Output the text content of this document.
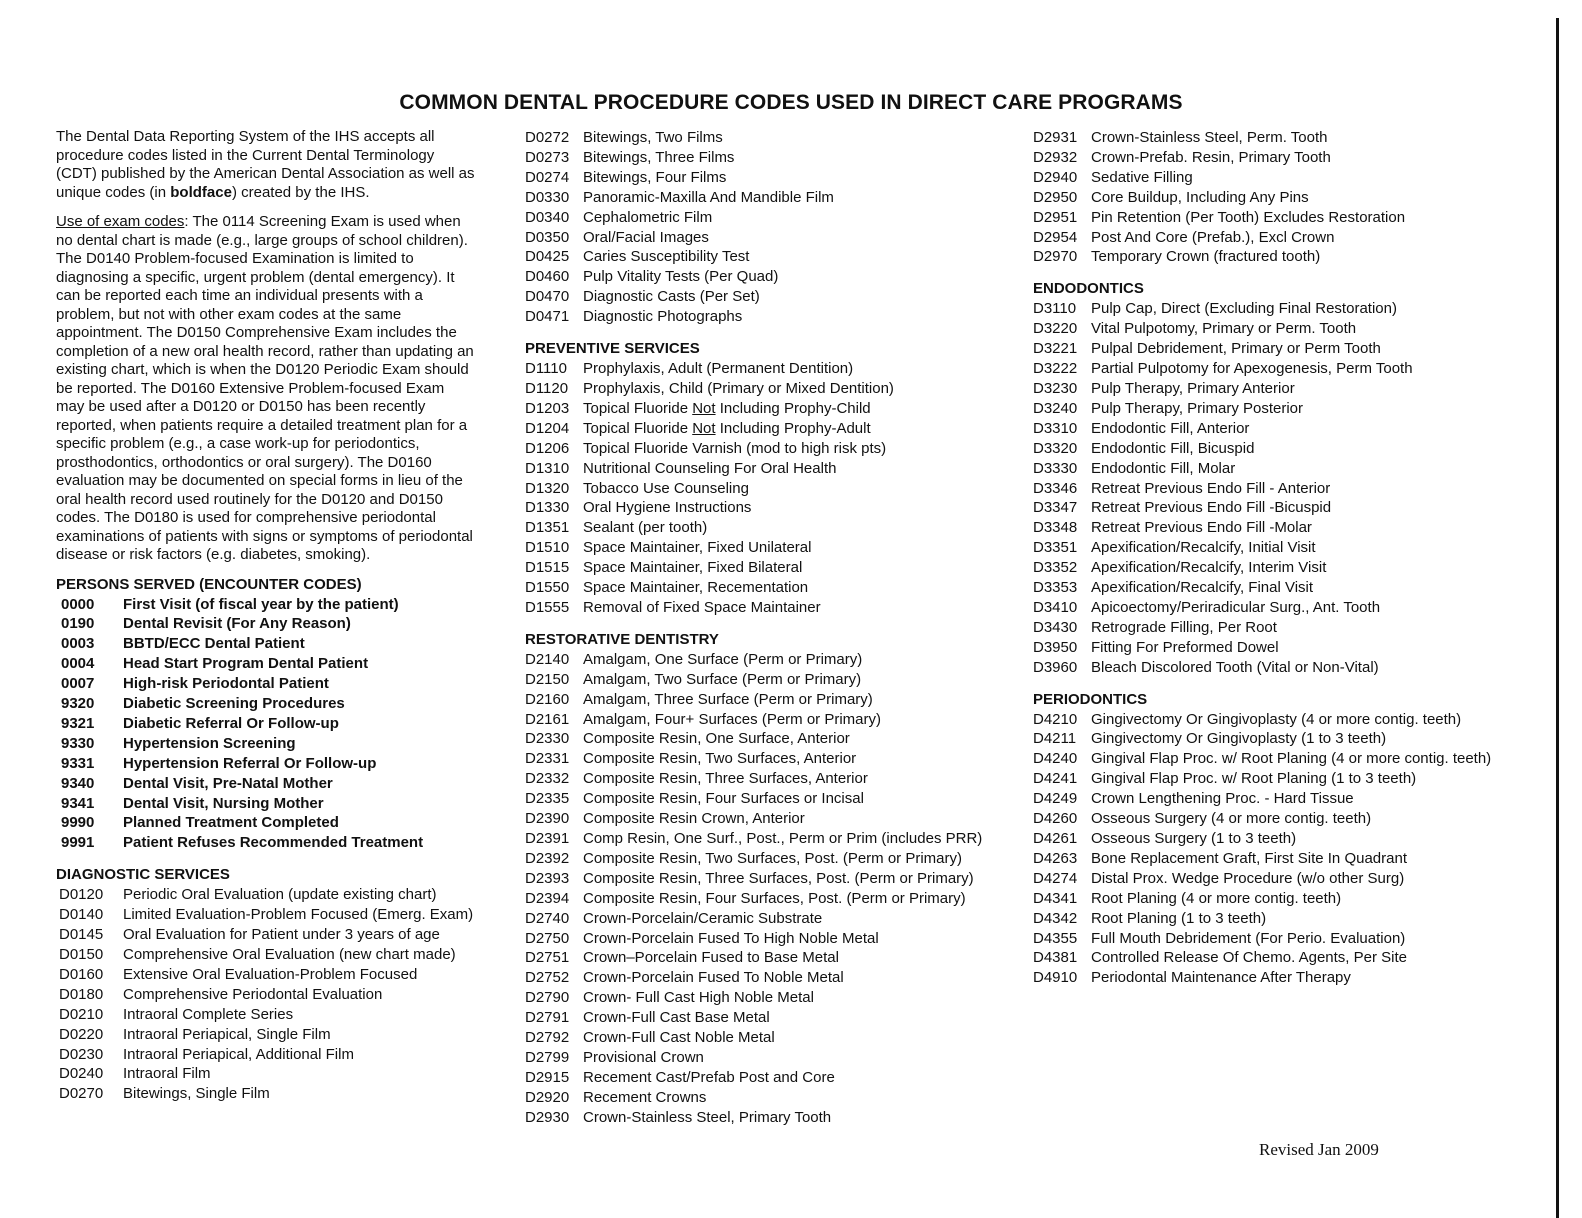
COMMON DENTAL PROCEDURE CODES USED IN DIRECT CARE PROGRAMS

The Dental Data Reporting System of the IHS accepts all procedure codes listed in the Current Dental Terminology (CDT) published by the American Dental Association as well as unique codes (in boldface) created by the IHS.

Use of exam codes: The 0114 Screening Exam is used when no dental chart is made (e.g., large groups of school children). The D0140 Problem-focused Examination is limited to diagnosing a specific, urgent problem (dental emergency). It can be reported each time an individual presents with a problem, but not with other exam codes at the same appointment. The D0150 Comprehensive Exam includes the completion of a new oral health record, rather than updating an existing chart, which is when the D0120 Periodic Exam should be reported. The D0160 Extensive Problem-focused Exam may be used after a D0120 or D0150 has been recently reported, when patients require a detailed treatment plan for a specific problem (e.g., a case work-up for periodontics, prosthodontics, orthodontics or oral surgery). The D0160 evaluation may be documented on special forms in lieu of the oral health record used routinely for the D0120 and D0150 codes. The D0180 is used for comprehensive periodontal examinations of patients with signs or symptoms of periodontal disease or risk factors (e.g. diabetes, smoking).

PERSONS SERVED (ENCOUNTER CODES)
0000	First Visit (of fiscal year by the patient)
0190	Dental Revisit (For Any Reason)
0003	BBTD/ECC Dental Patient
0004	Head Start Program Dental Patient
0007	High-risk Periodontal Patient
9320	Diabetic Screening Procedures
9321	Diabetic Referral Or Follow-up
9330	Hypertension Screening
9331	Hypertension Referral Or Follow-up
9340	Dental Visit, Pre-Natal Mother
9341	Dental Visit, Nursing Mother
9990	Planned Treatment Completed
9991	Patient Refuses Recommended Treatment
DIAGNOSTIC SERVICES
D0120	Periodic Oral Evaluation (update existing chart)
D0140	Limited Evaluation-Problem Focused (Emerg. Exam)
D0145	Oral Evaluation for Patient under 3 years of age
D0150	Comprehensive Oral Evaluation (new chart made)
D0160	Extensive Oral Evaluation-Problem Focused
D0180	Comprehensive Periodontal Evaluation
D0210	Intraoral Complete Series
D0220	Intraoral Periapical, Single Film
D0230	Intraoral Periapical, Additional Film
D0240	Intraoral Film
D0270	Bitewings, Single Film
D0272 Bitewings, Two Films
D0273 Bitewings, Three Films
D0274 Bitewings, Four Films
D0330 Panoramic-Maxilla And Mandible Film
D0340 Cephalometric Film
D0350 Oral/Facial Images
D0425 Caries Susceptibility Test
D0460 Pulp Vitality Tests (Per Quad)
D0470 Diagnostic Casts (Per Set)
D0471 Diagnostic Photographs
PREVENTIVE SERVICES
D1110	Prophylaxis, Adult (Permanent Dentition)
D1120 Prophylaxis, Child (Primary or Mixed Dentition)
D1203 Topical Fluoride Not Including Prophy-Child
D1204 Topical Fluoride Not Including Prophy-Adult
D1206 Topical Fluoride Varnish (mod to high risk pts)
D1310 Nutritional Counseling For Oral Health
D1320 Tobacco Use Counseling
D1330 Oral Hygiene Instructions
D1351 Sealant (per tooth)
D1510 Space Maintainer, Fixed Unilateral
D1515 Space Maintainer, Fixed Bilateral
D1550 Space Maintainer, Recementation
D1555 Removal of Fixed Space Maintainer
RESTORATIVE DENTISTRY
D2140 Amalgam, One Surface (Perm or Primary)
D2150 Amalgam, Two Surface (Perm or Primary)
D2160 Amalgam, Three Surface (Perm or Primary)
D2161 Amalgam, Four+ Surfaces (Perm or Primary)
D2330 Composite Resin, One Surface, Anterior
D2331 Composite Resin, Two Surfaces, Anterior
D2332 Composite Resin, Three Surfaces, Anterior
D2335 Composite Resin, Four Surfaces or Incisal
D2390 Composite Resin Crown, Anterior
D2391 Comp Resin, One Surf., Post., Perm or Prim (includes PRR)
D2392 Composite Resin, Two Surfaces, Post. (Perm or Primary)
D2393 Composite Resin, Three Surfaces, Post. (Perm or Primary)
D2394 Composite Resin, Four Surfaces, Post. (Perm or Primary)
D2740 Crown-Porcelain/Ceramic Substrate
D2750 Crown-Porcelain Fused To High Noble Metal
D2751 Crown–Porcelain Fused to Base Metal
D2752 Crown-Porcelain Fused To Noble Metal
D2790 Crown- Full Cast High Noble Metal
D2791 Crown-Full Cast Base Metal
D2792 Crown-Full Cast Noble Metal
D2799 Provisional Crown
D2915 Recement Cast/Prefab Post and Core
D2920 Recement Crowns
D2930 Crown-Stainless Steel, Primary Tooth
D2931 Crown-Stainless Steel, Perm. Tooth
D2932 Crown-Prefab. Resin, Primary Tooth
D2940 Sedative Filling
D2950 Core Buildup, Including Any Pins
D2951 Pin Retention (Per Tooth) Excludes Restoration
D2954 Post And Core (Prefab.), Excl Crown
D2970 Temporary Crown (fractured tooth)
ENDODONTICS
D3110 Pulp Cap, Direct (Excluding Final Restoration)
D3220 Vital Pulpotomy, Primary or Perm. Tooth
D3221 Pulpal Debridement, Primary or Perm Tooth
D3222 Partial Pulpotomy for Apexogenesis, Perm Tooth
D3230 Pulp Therapy, Primary Anterior
D3240 Pulp Therapy, Primary Posterior
D3310 Endodontic Fill, Anterior
D3320 Endodontic Fill, Bicuspid
D3330 Endodontic Fill, Molar
D3346 Retreat Previous Endo Fill - Anterior
D3347 Retreat Previous Endo Fill -Bicuspid
D3348 Retreat Previous Endo Fill -Molar
D3351 Apexification/Recalcify, Initial Visit
D3352 Apexification/Recalcify, Interim Visit
D3353 Apexification/Recalcify, Final Visit
D3410 Apicoectomy/Periradicular Surg., Ant. Tooth
D3430 Retrograde Filling, Per Root
D3950 Fitting For Preformed Dowel
D3960 Bleach Discolored Tooth (Vital or Non-Vital)
PERIODONTICS
D4210 Gingivectomy Or Gingivoplasty (4 or more contig. teeth)
D4211 Gingivectomy Or Gingivoplasty (1 to 3 teeth)
D4240 Gingival Flap Proc. w/ Root Planing (4 or more contig. teeth)
D4241 Gingival Flap Proc. w/ Root Planing (1 to 3 teeth)
D4249 Crown Lengthening Proc. - Hard Tissue
D4260 Osseous Surgery (4 or more contig. teeth)
D4261 Osseous Surgery (1 to 3 teeth)
D4263 Bone Replacement Graft, First Site In Quadrant
D4274 Distal Prox. Wedge Procedure (w/o other Surg)
D4341 Root Planing (4 or more contig. teeth)
D4342 Root Planing (1 to 3 teeth)
D4355 Full Mouth Debridement (For Perio. Evaluation)
D4381 Controlled Release Of Chemo. Agents, Per Site
D4910 Periodontal Maintenance After Therapy
Revised Jan 2009
